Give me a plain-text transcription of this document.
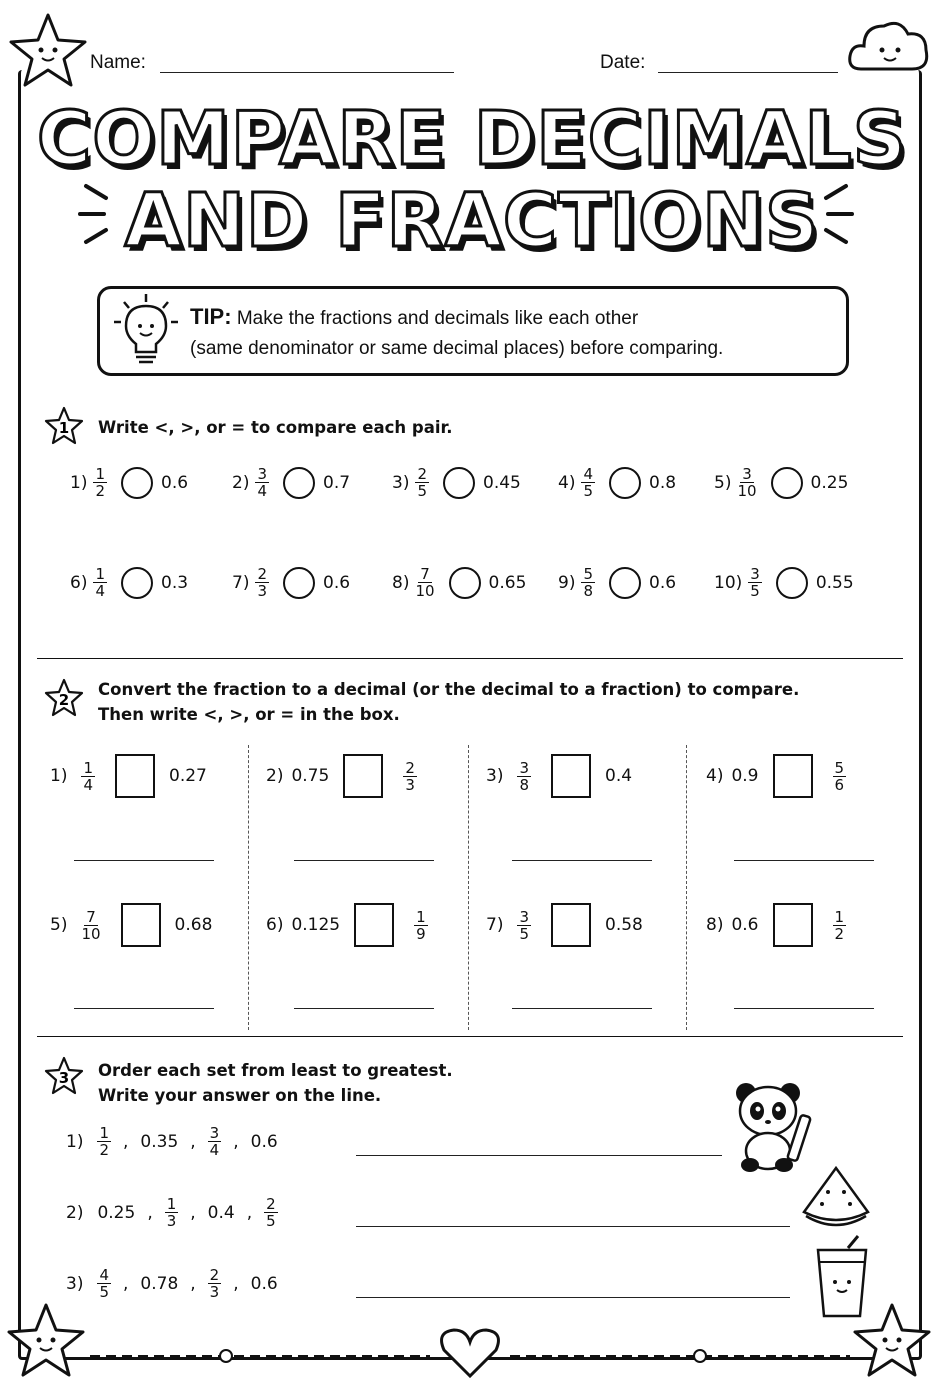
Name:	Date:
COMPARE DECIMALS
AND FRACTIONS
TIP: Make the fractions and decimals like each other
(same denominator or same decimal places) before comparing.
1 Write <, >, or = to compare each pair.
$1) \frac{1}{2}$	0.6	$2) \frac{3}{4}$	0.7 $3) \frac{2}{5}$	0.45 $4) \frac{4}{5}$	0.8 $5) \frac{3}{10}$	0.25
$6) \frac{1}{4}$	0.3	$7) \frac{2}{3}$	0.6 $8) \frac{7}{10}$	0.65 $9) \frac{5}{8}$	0.6 $10) \frac{3}{5}$	0.55
2
Convert the fraction to a decimal (or the decimal to a fraction) to compare.
Then write <, >, or = in the box.
$1) \frac{1}{4}$	0.27	2) 0.75	$\frac{2}{3}$	$3) \frac{3}{8}$	0.4	4) 0.9	$\frac{5}{6}$
$5) \frac{7}{10}$	0.68	6) 0.125	$\frac{1}{9}$	$7) \frac{3}{5}$	0.58	8) 0.6	$\frac{1}{2}$
3 Order each set from least to greatest.
Write your answer on the line.
$1) \frac{1}{2}$ , 0.35 , $\frac{3}{4}$ , 0.6
2) 0.25 , $\frac{1}{3}$ , 0.4 , $\frac{2}{5}$
$3) \frac{4}{5}$ , 0.78 , $\frac{2}{3}$ , 0.6
